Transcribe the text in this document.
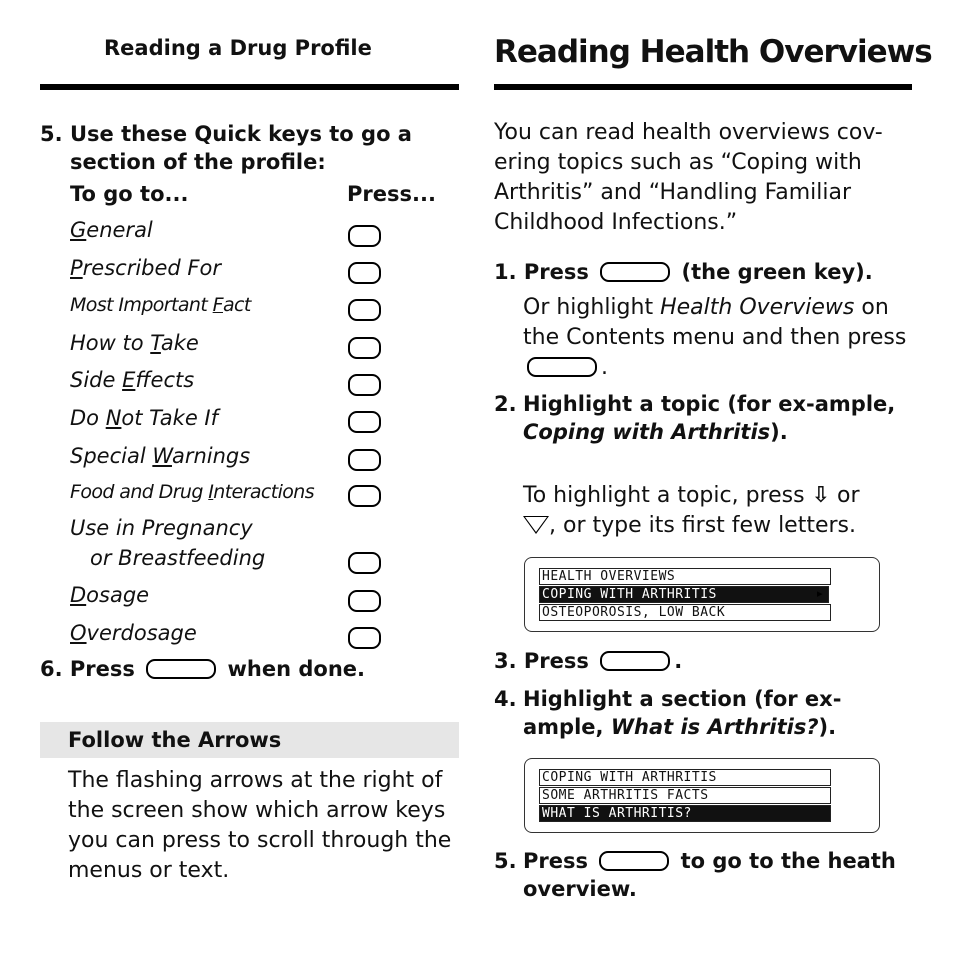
Reading a Drug Profile
5. Use these Quick keys to go a section of the profile:
To go to...	Press...
General
Prescribed For
Most Important Fact
How to Take
Side Effects
Do Not Take If
Special Warnings
Food and Drug Interactions
Use in Pregnancy
or Breastfeeding
Dosage
Overdosage
6. Press	when done.
Follow the Arrows
The flashing arrows at the right of the screen show which arrow keys you can press to scroll through the menus or text.
Reading Health Overviews
You can read health overviews cov-ering topics such as “Coping with Arthritis” and “Handling Familiar Childhood Infections.”
1. Press	(the green key).
Or highlight Health Overviews on the Contents menu and then press .
2. Highlight a topic (for ex-ample, Coping with Arthritis).
To highlight a topic, press ⇩ or
, or type its first few letters.
HEALTH OVERVIEWS
COPING WITH ARTHRITIS	▸
OSTEOPOROSIS, LOW BACK
3. Press	.
4. Highlight a section (for ex-ample, What is Arthritis?).
COPING WITH ARTHRITIS
SOME ARTHRITIS FACTS
WHAT IS ARTHRITIS?
5. Press	to go to the heath overview.
